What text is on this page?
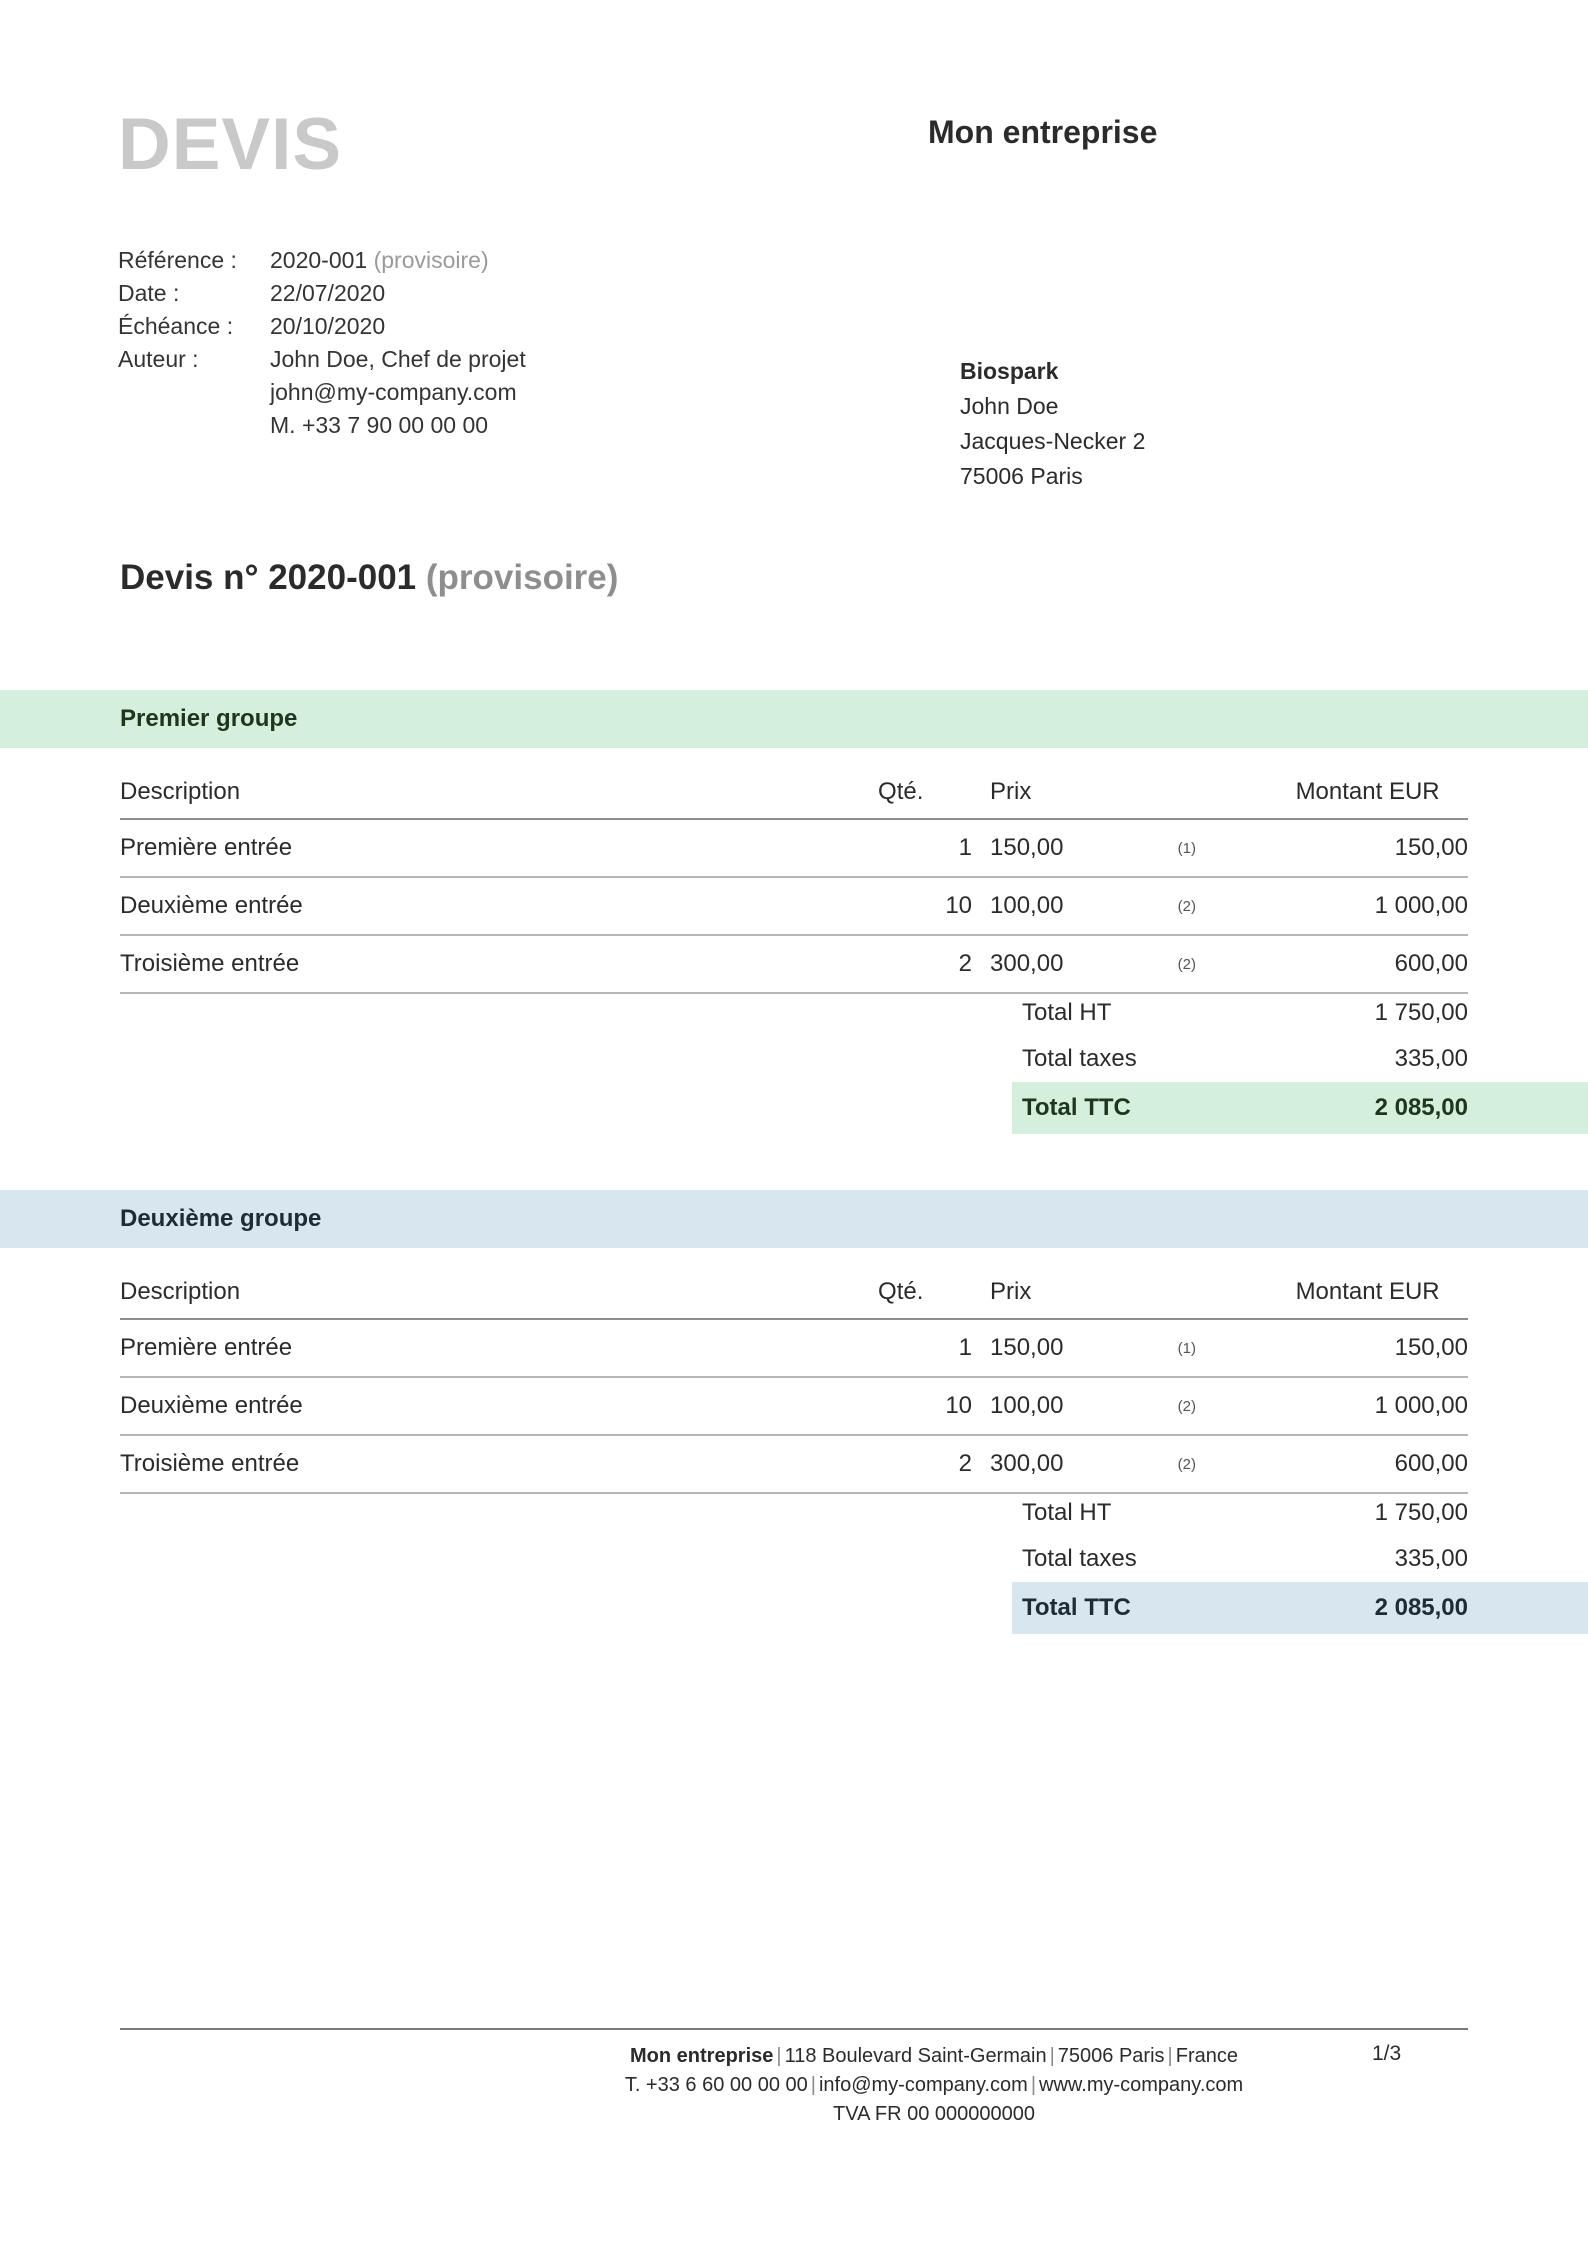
DEVIS	Mon entreprise
Référence :	2020-001 (provisoire)
Date :	22/07/2020
Échéance :	20/10/2020
Auteur :	John Doe, Chef de projet
john@my-company.com
M. +33 7 90 00 00 00
Biospark
John Doe
Jacques-Necker 2
75006 Paris
Devis n° 2020-001 (provisoire)
Premier groupe
Description	Qté.	Prix		Montant EUR
Première entrée	1	150,00	(1)	150,00
Deuxième entrée	10	100,00	(2)	1 000,00
Troisième entrée	2	300,00	(2)	600,00
Total HT	1 750,00
Total taxes	335,00
Total TTC	2 085,00
Deuxième groupe
Description	Qté.	Prix		Montant EUR
Première entrée	1	150,00	(1)	150,00
Deuxième entrée	10	100,00	(2)	1 000,00
Troisième entrée	2	300,00	(2)	600,00
Total HT	1 750,00
Total taxes	335,00
Total TTC	2 085,00
Mon entreprise | 118 Boulevard Saint-Germain | 75006 Paris | France
T. +33 6 60 00 00 00 | info@my-company.com | www.my-company.com
TVA FR 00 000000000
1/3
